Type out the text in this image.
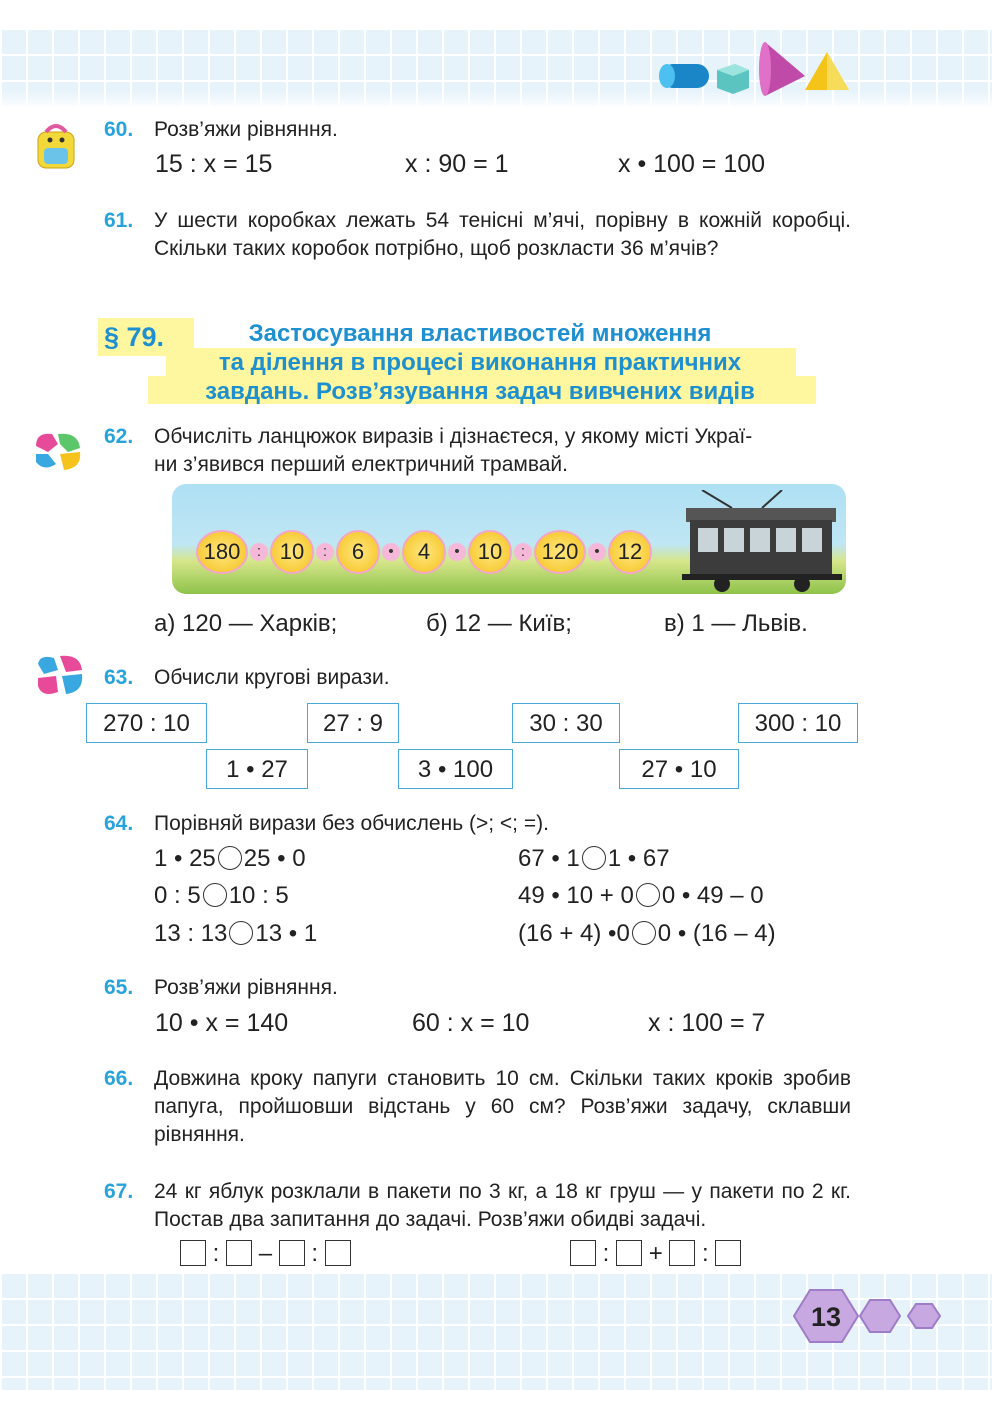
60. Розв’яжи рівняння.
15 : x = 15	x : 90 = 1	x • 100 = 100
61. У шести коробках лежать 54 тенісні м’ячі, порівну в кожній коробці. Скільки таких коробок потрібно, щоб розкласти 36 м’ячів?
§ 79.	Застосування властивостей множення
та ділення в процесі виконання практичних
завдань. Розв’язування задач вивчених видів
62. Обчисліть ланцюжок виразів і дізнаєтеся, у якому місті Украї-
ни з’явився перший електричний трамвай.
180	: 10	:	6	•	4	• 10	: 120	• 12
а) 120 — Харків;	б) 12 — Київ;	в) 1 — Львів.
63. Обчисли кругові вирази.
270 : 10	27 : 9	30 : 30	300 : 10
1 • 27	3 • 100	27 • 10
64. Порівняй вирази без обчислень (>; <; =).
1 • 25 25 • 0	67 • 1 1 • 67
0 : 5 10 : 5	49 • 10 + 0 0 • 49 – 0
13 : 13 13 • 1	(16 + 4) •0 0 • (16 – 4)
65. Розв’яжи рівняння.
10 • x = 140	60 : x = 10	x : 100 = 7
66. Довжина кроку папуги становить 10 см. Скільки таких кроків зробив папуга, пройшовши відстань у 60 см? Розв’яжи задачу, склавши рівняння.
67. 24 кг яблук розклали в пакети по 3 кг, а 18 кг груш — у пакети по 2 кг. Постав два запитання до задачі. Розв’яжи обидві задачі.
: – :	: + :
13
